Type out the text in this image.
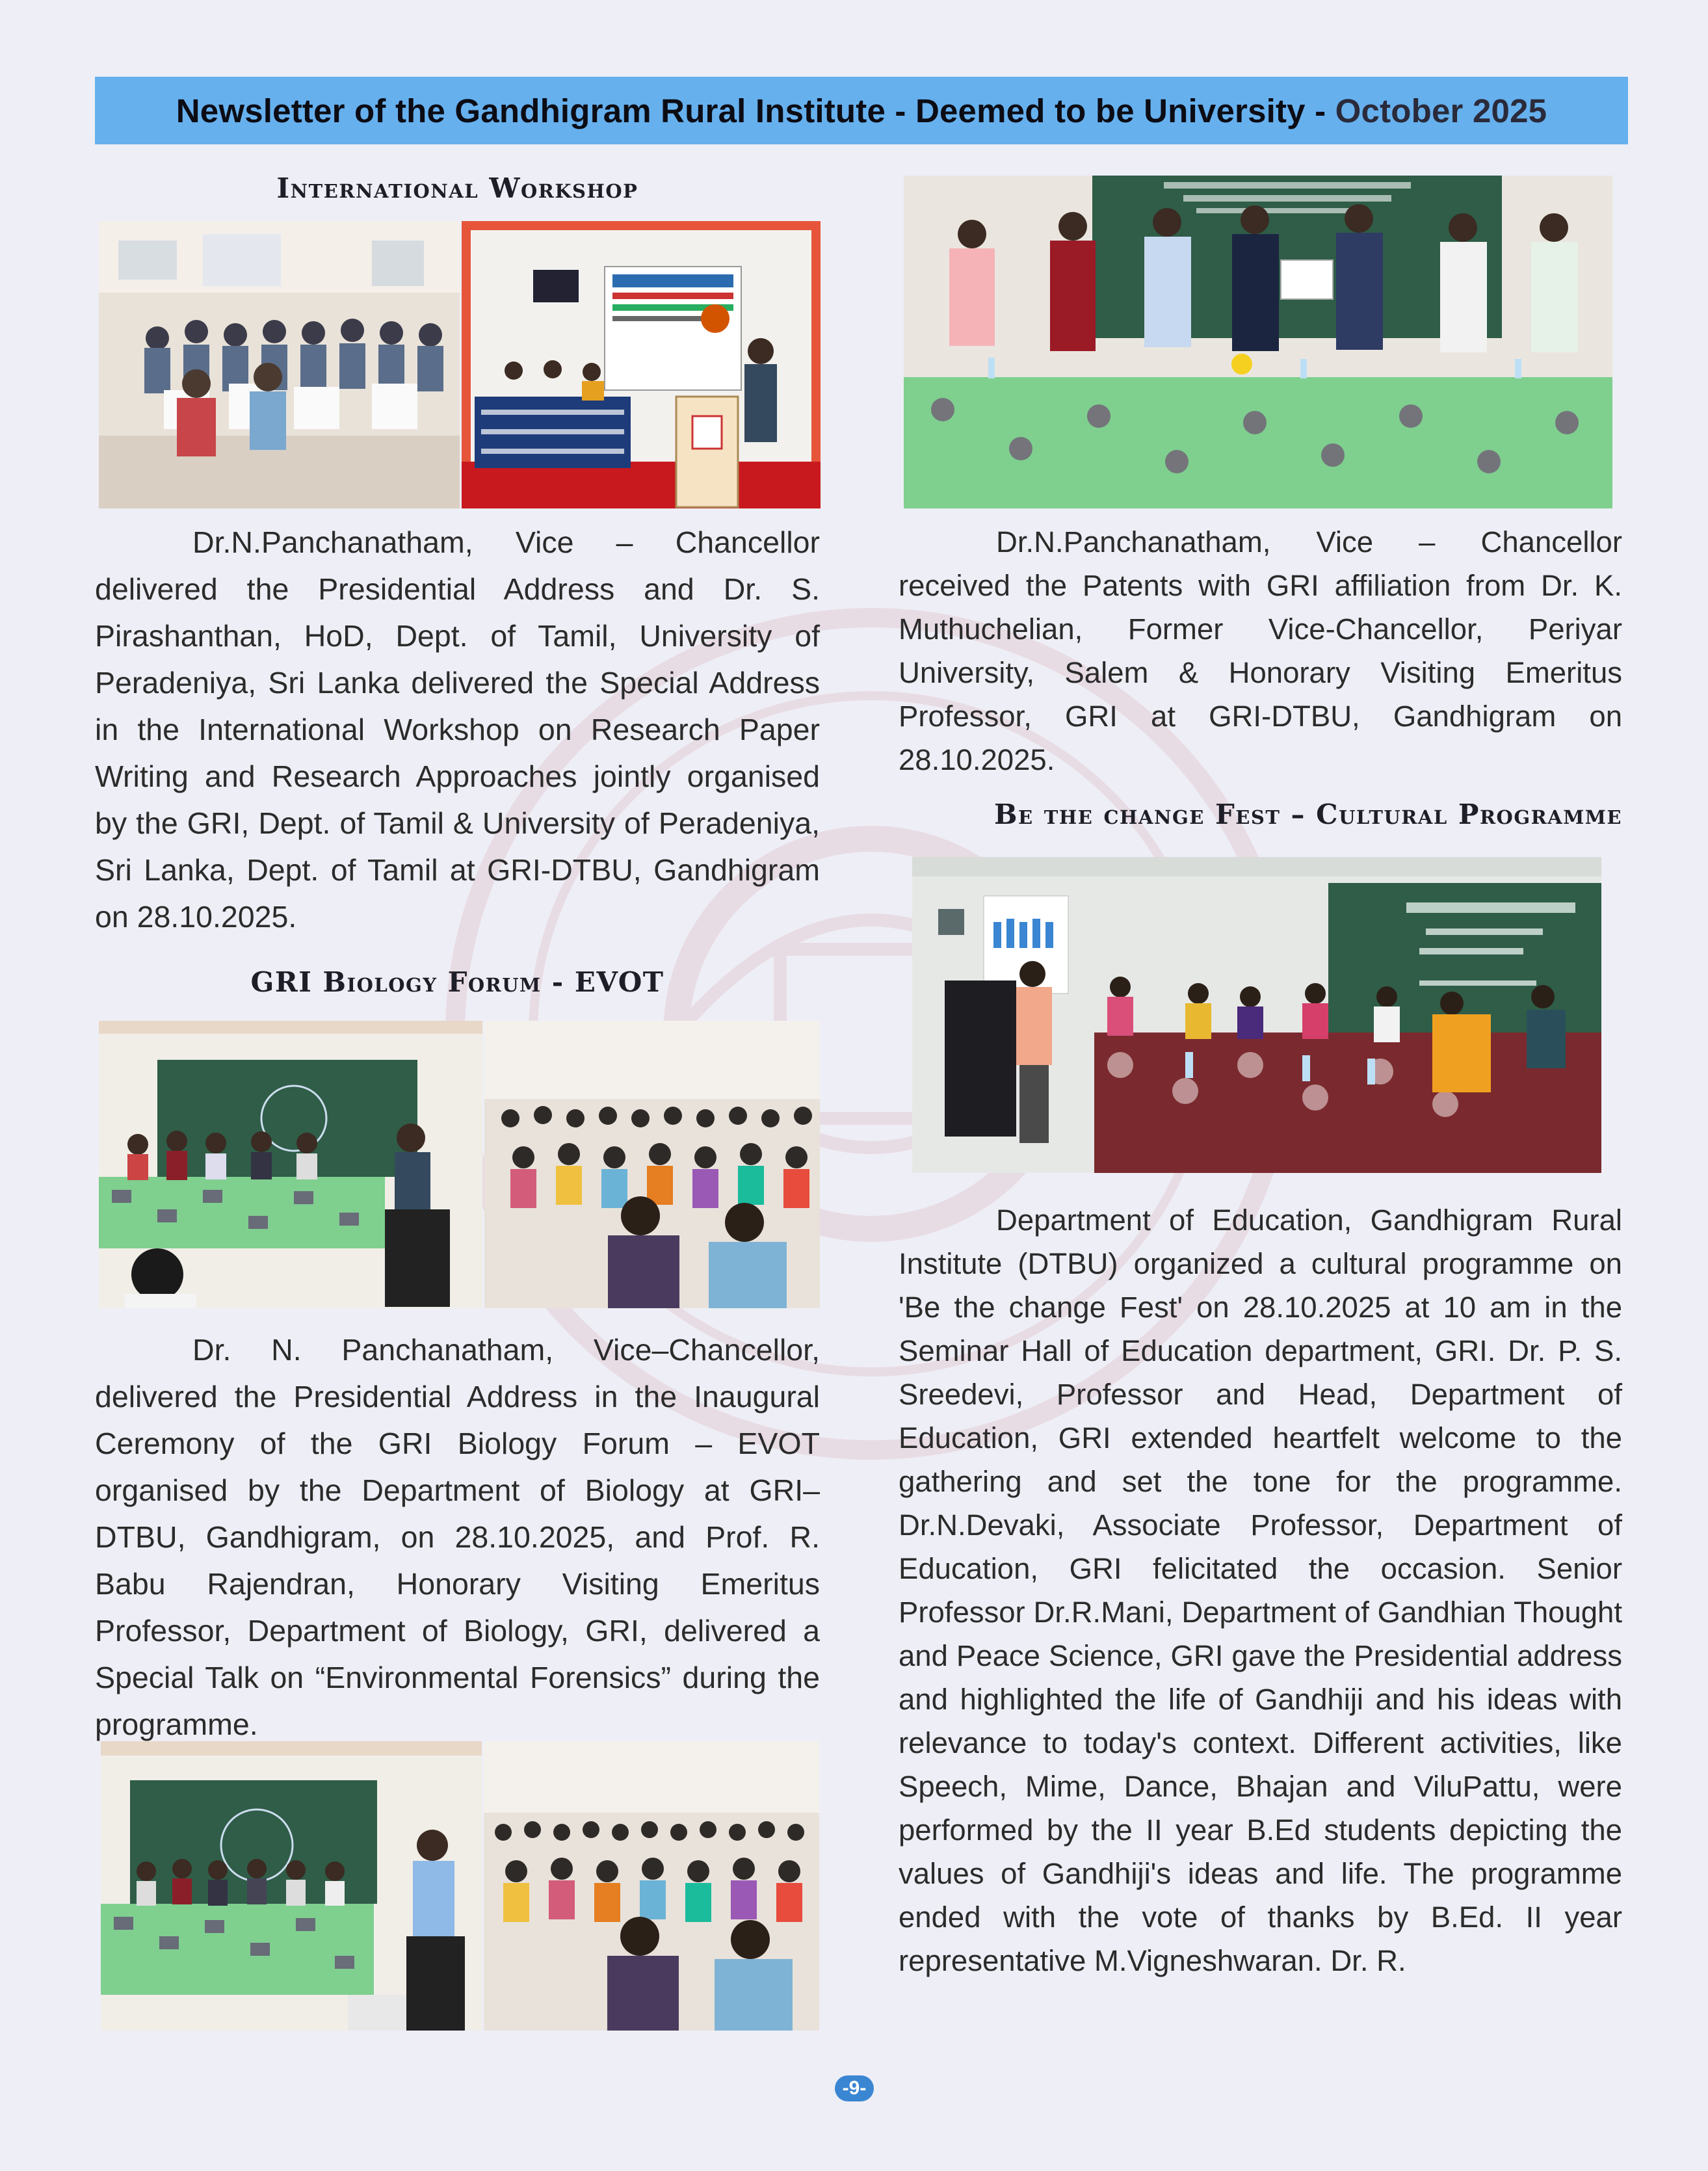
Newsletter of the Gandhigram Rural Institute - Deemed to be University -
October 2025
International Workshop

Dr.N.Panchanatham, Vice – Chancellor delivered the Presidential Address and Dr. S. Pirashanthan, HoD, Dept. of Tamil, University of Peradeniya, Sri Lanka delivered the Special Address in the International Workshop on Research Paper Writing and Research Approaches jointly organised by the GRI, Dept. of Tamil & University of Peradeniya, Sri Lanka, Dept. of Tamil at GRI-DTBU, Gandhigram on 28.10.2025.

GRI Biology Forum - EVOT

Dr. N. Panchanatham, Vice–Chancellor, delivered the Presidential Address in the Inaugural Ceremony of the GRI Biology Forum – EVOT organised by the Department of Biology at GRI–DTBU, Gandhigram, on 28.10.2025, and Prof. R. Babu Rajendran, Honorary Visiting Emeritus Professor, Department of Biology, GRI, delivered a Special Talk on “Environmental Forensics” during the programme.

Dr.N.Panchanatham, Vice – Chancellor received the Patents with GRI affiliation from Dr. K. Muthuchelian, Former Vice-Chancellor, Periyar University, Salem & Honorary Visiting Emeritus Professor, GRI at GRI-DTBU, Gandhigram on 28.10.2025.

Be the change Fest – Cultural Programme

Department of Education, Gandhigram Rural Institute (DTBU) organized a cultural programme on 'Be the change Fest' on 28.10.2025 at 10 am in the Seminar Hall of Education department, GRI. Dr. P. S. Sreedevi, Professor and Head, Department of Education, GRI extended heartfelt welcome to the gathering and set the tone for the programme. Dr.N.Devaki, Associate Professor, Department of Education, GRI felicitated the occasion. Senior Professor Dr.R.Mani, Department of Gandhian Thought and Peace Science, GRI gave the Presidential address and highlighted the life of Gandhiji and his ideas with relevance to today's context. Different activities, like Speech, Mime, Dance, Bhajan and ViluPattu, were performed by the II year B.Ed students depicting the values of Gandhiji's ideas and life. The programme ended with the vote of thanks by B.Ed. II year representative M.Vigneshwaran. Dr. R.

-9-
